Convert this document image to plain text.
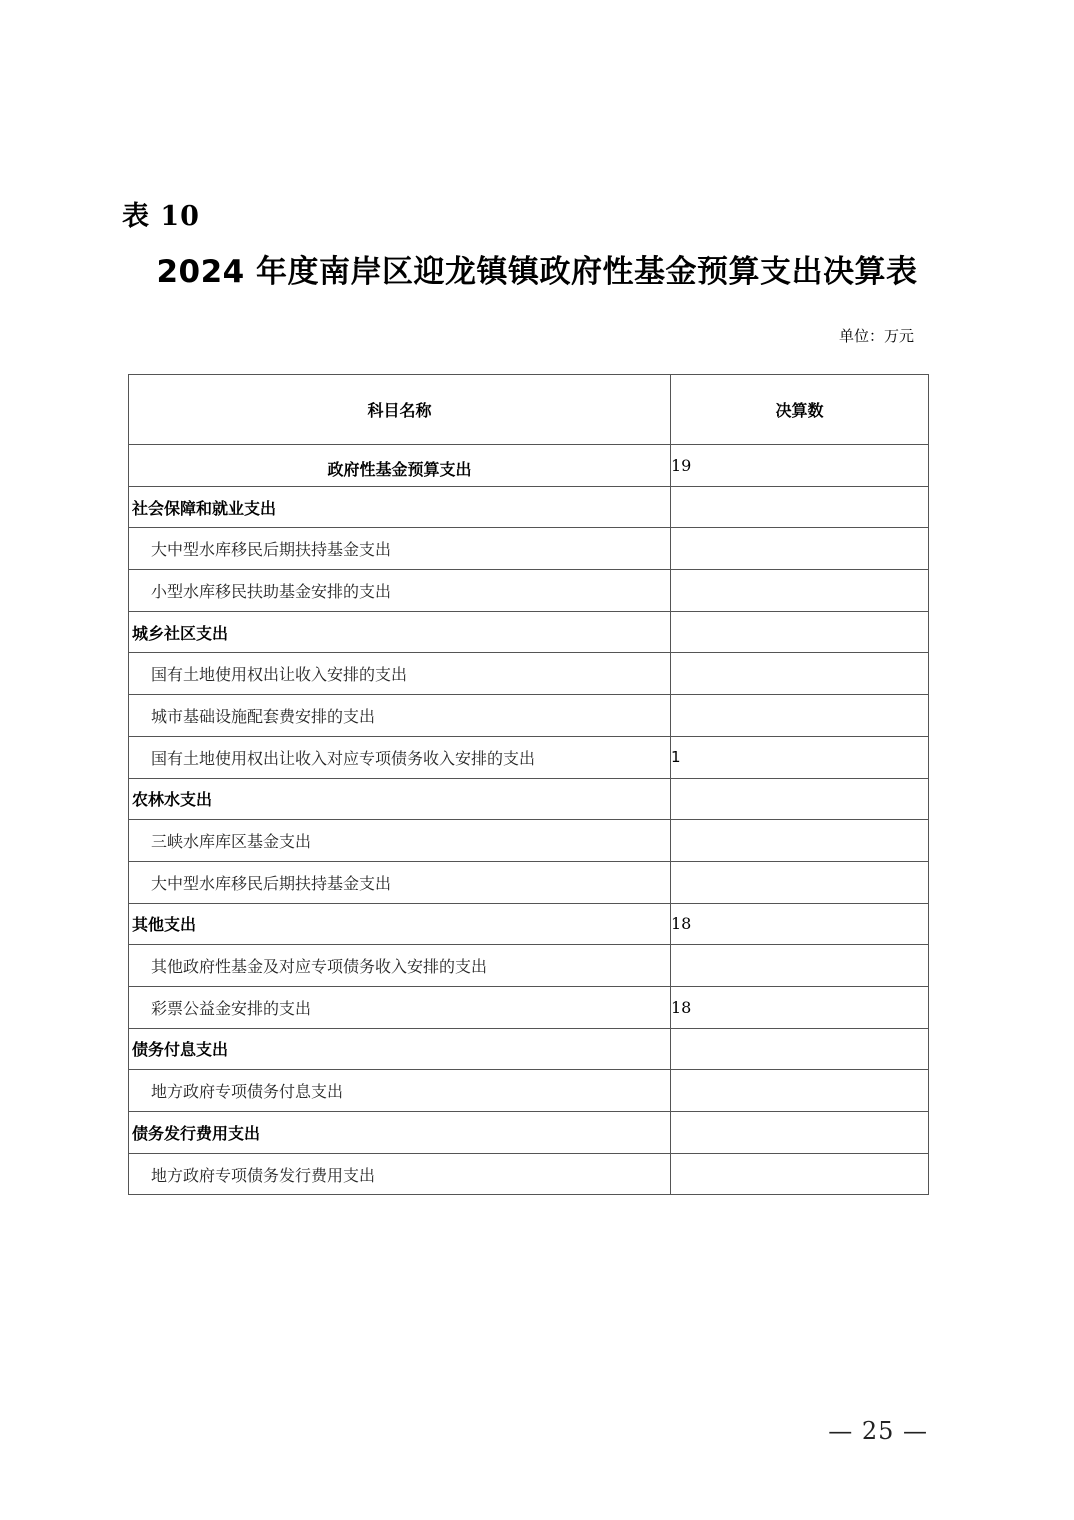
表 10
2024 年度南岸区迎龙镇镇政府性基金预算支出决算表
单位：万元
科目名称	决算数
政府性基金预算支出	19
社会保障和就业支出	
大中型水库移民后期扶持基金支出	
小型水库移民扶助基金安排的支出	
城乡社区支出	
国有土地使用权出让收入安排的支出	
城市基础设施配套费安排的支出	
国有土地使用权出让收入对应专项债务收入安排的支出	1
农林水支出	
三峡水库库区基金支出	
大中型水库移民后期扶持基金支出	
其他支出	18
其他政府性基金及对应专项债务收入安排的支出	
彩票公益金安排的支出	18
债务付息支出	
地方政府专项债务付息支出	
债务发行费用支出	
地方政府专项债务发行费用支出	
— 25 —
